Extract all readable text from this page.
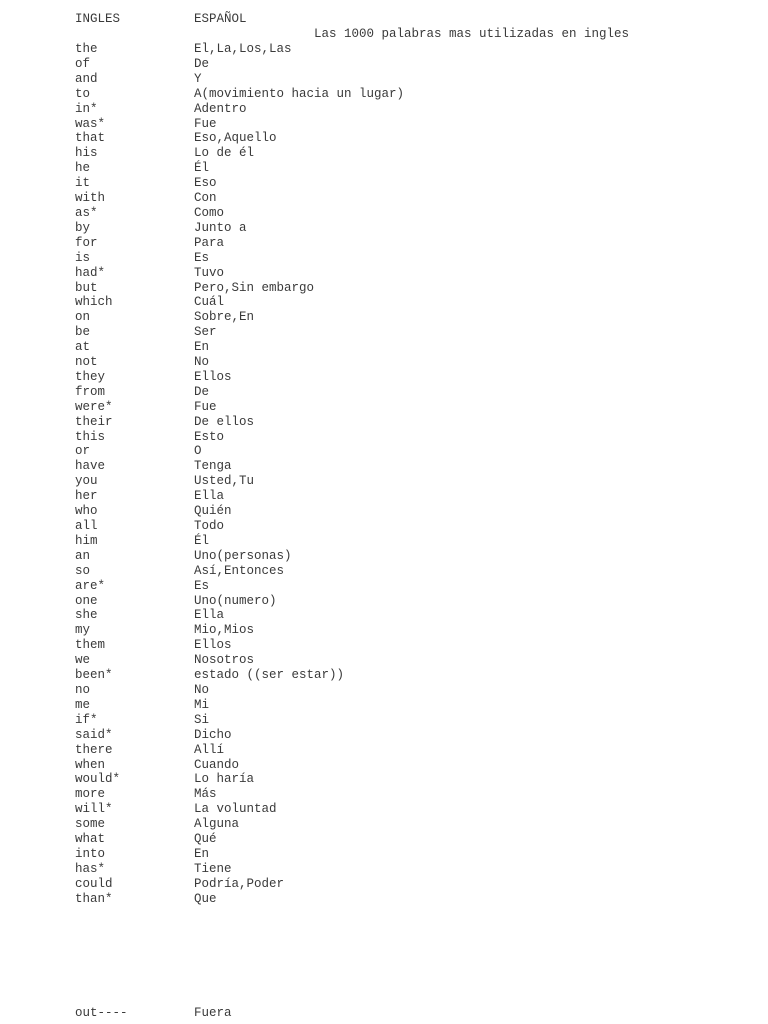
INGLES	ESPAÑOL
Las 1000 palabras mas utilizadas en ingles
the	El,La,Los,Las
of	De
and	Y
to	A(movimiento hacia un lugar)
in*	Adentro
was*	Fue
that	Eso,Aquello
his	Lo de él
he	Él
it	Eso
with	Con
as*	Como
by	Junto a
for	Para
is	Es
had*	Tuvo
but	Pero,Sin embargo
which	Cuál
on	Sobre,En
be	Ser
at	En
not	No
they	Ellos
from	De
were*	Fue
their	De ellos
this	Esto
or	O
have	Tenga
you	Usted,Tu
her	Ella
who	Quién
all	Todo
him	Él
an	Uno(personas)
so	Así,Entonces
are*	Es
one	Uno(numero)
she	Ella
my	Mio,Mios
them	Ellos
we	Nosotros
been*	estado ((ser estar))
no	No
me	Mi
if*	Si
said*	Dicho
there	Allí
when	Cuando
would*	Lo haría
more	Más
will*	La voluntad
some	Alguna
what	Qué
into	En
has*	Tiene
could	Podría,Poder
than*	Que
out----	Fuera
